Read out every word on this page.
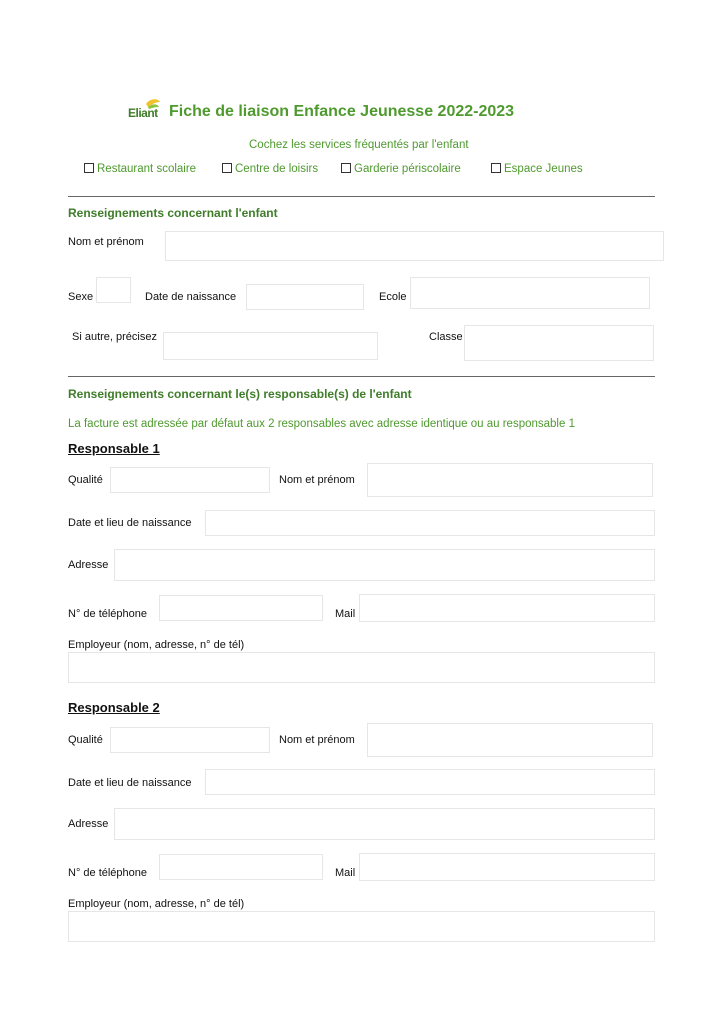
Eliant Fiche de liaison Enfance Jeunesse 2022-2023
Cochez les services fréquentés par l'enfant
Restaurant scolaire	Centre de loisirs	Garderie périscolaire	Espace Jeunes
Renseignements concernant l'enfant
Nom et prénom
Sexe	Date de naissance	Ecole
Si autre, précisez	Classe
Renseignements concernant le(s) responsable(s) de l'enfant
La facture est adressée par défaut aux 2 responsables avec adresse identique ou au responsable 1
Responsable 1
Qualité	Nom et prénom
Date et lieu de naissance
Adresse
N° de téléphone	Mail
Employeur (nom, adresse, n° de tél)
Responsable 2
Qualité	Nom et prénom
Date et lieu de naissance
Adresse
N° de téléphone	Mail
Employeur (nom, adresse, n° de tél)
